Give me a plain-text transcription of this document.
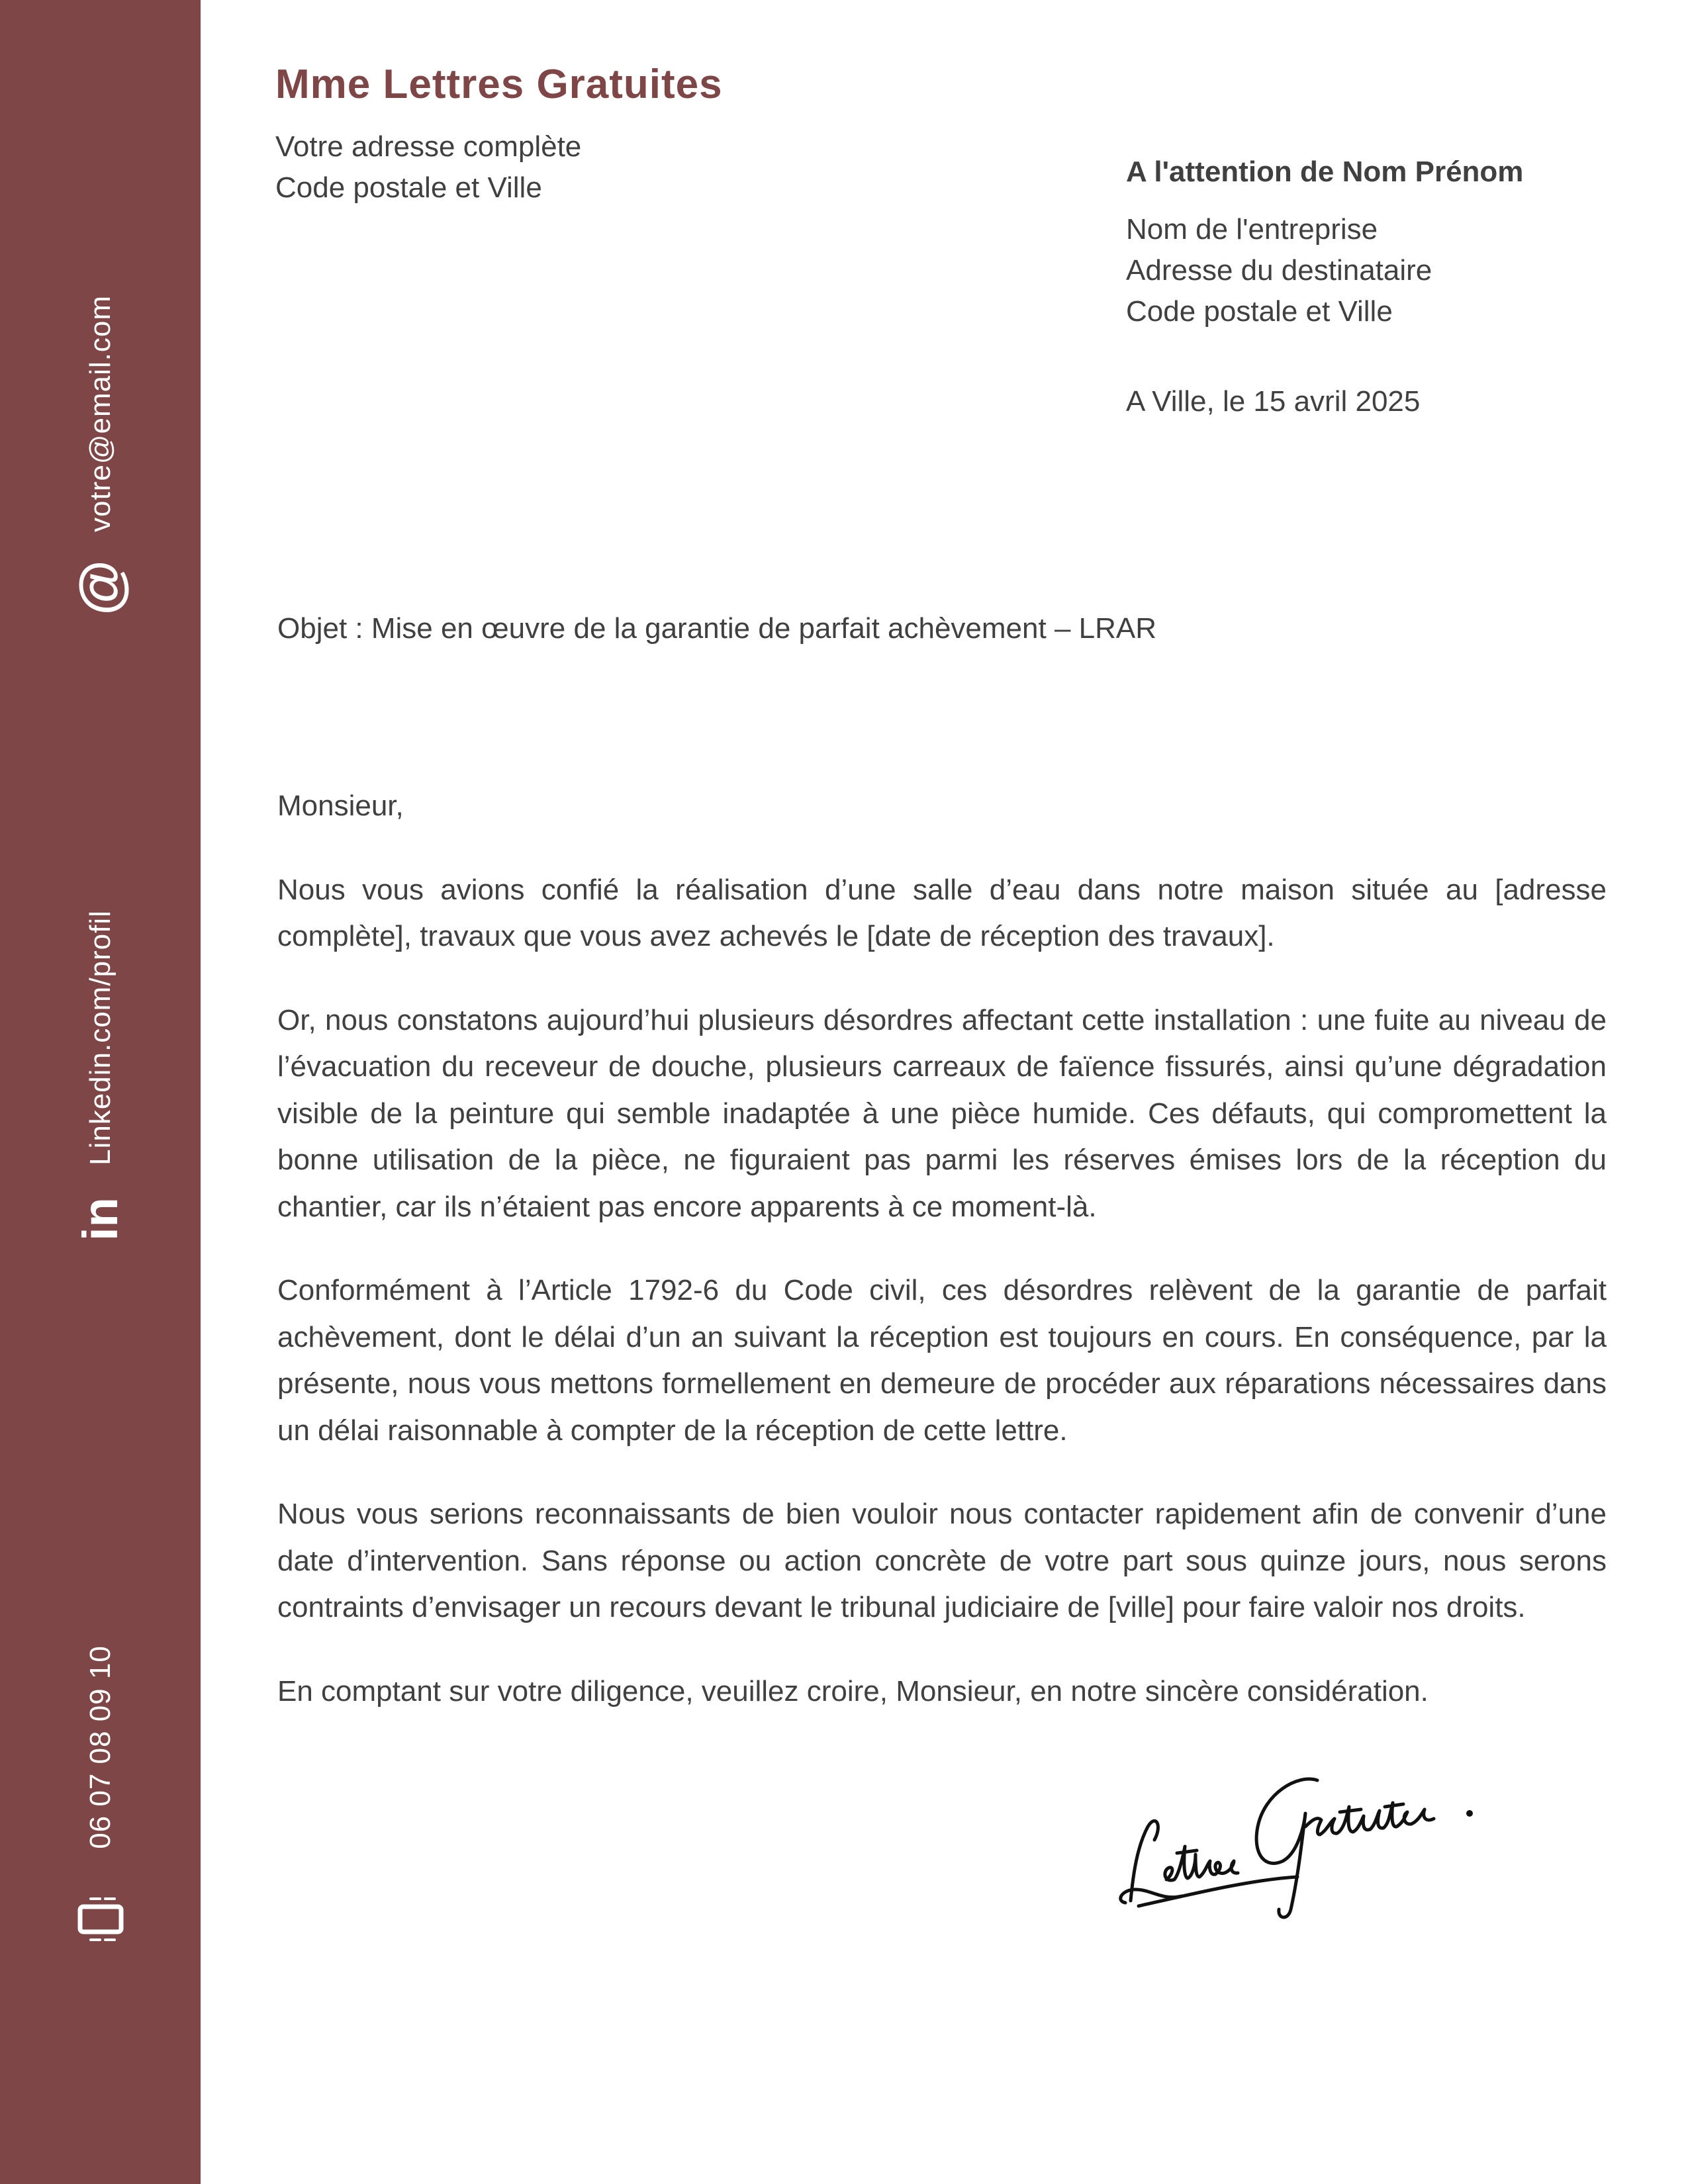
votre@email.com
@
Linkedin.com/profil
in
06 07 08 09 10
Mme Lettres Gratuites
Votre adresse complète
Code postale et Ville	A l'attention de Nom Prénom
Nom de l'entreprise
Adresse du destinataire
Code postale et Ville
A Ville, le 15 avril 2025
Objet : Mise en œuvre de la garantie de parfait achèvement – LRAR

Monsieur,

Nous vous avions confié la réalisation d’une salle d’eau dans notre maison située au [adresse complète], travaux que vous avez achevés le [date de réception des travaux].

Or, nous constatons aujourd’hui plusieurs désordres affectant cette installation : une fuite au niveau de l’évacuation du receveur de douche, plusieurs carreaux de faïence fissurés, ainsi qu’une dégradation visible de la peinture qui semble inadaptée à une pièce humide. Ces défauts, qui compromettent la bonne utilisation de la pièce, ne figuraient pas parmi les réserves émises lors de la réception du chantier, car ils n’étaient pas encore apparents à ce moment-là.

Conformément à l’Article 1792-6 du Code civil, ces désordres relèvent de la garantie de parfait achèvement, dont le délai d’un an suivant la réception est toujours en cours. En conséquence, par la présente, nous vous mettons formellement en demeure de procéder aux réparations nécessaires dans un délai raisonnable à compter de la réception de cette lettre.

Nous vous serions reconnaissants de bien vouloir nous contacter rapidement afin de convenir d’une date d’intervention. Sans réponse ou action concrète de votre part sous quinze jours, nous serons contraints d’envisager un recours devant le tribunal judiciaire de [ville] pour faire valoir nos droits.

En comptant sur votre diligence, veuillez croire, Monsieur, en notre sincère considération.
